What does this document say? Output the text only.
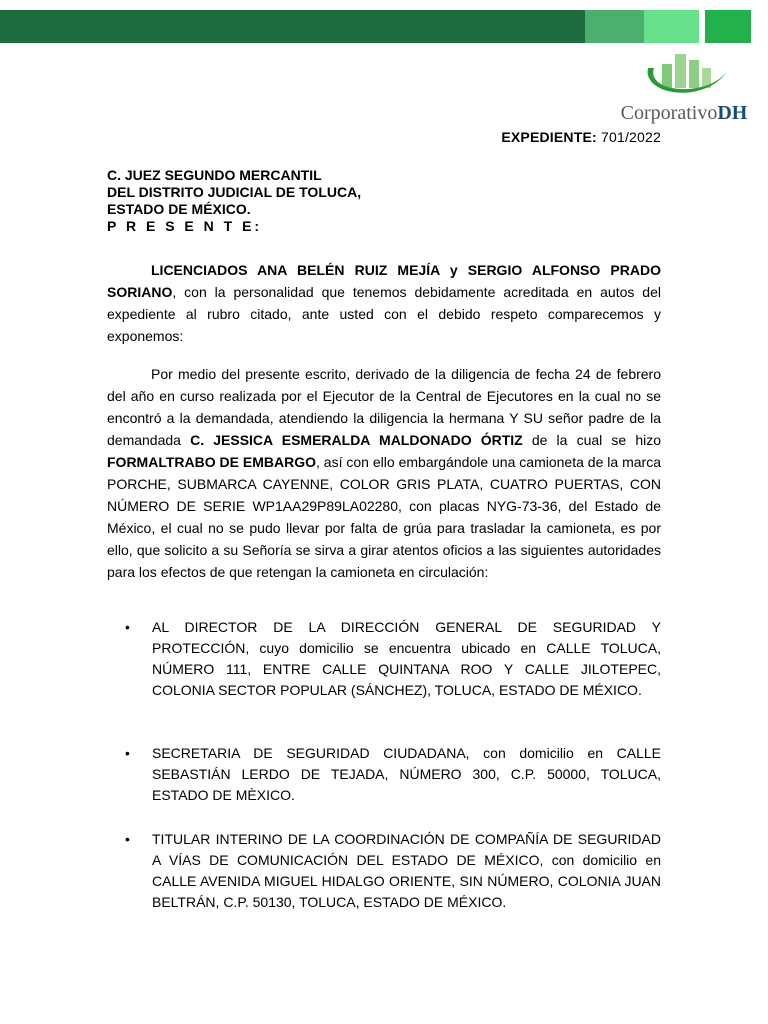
CorporativoDH
EXPEDIENTE: 701/2022
C. JUEZ SEGUNDO MERCANTIL
DEL DISTRITO JUDICIAL DE TOLUCA,
ESTADO DE MÉXICO.
P R E S E N T E:

LICENCIADOS ANA BELÉN RUIZ MEJÍA y SERGIO ALFONSO PRADO SORIANO, con la personalidad que tenemos debidamente acreditada en autos del expediente al rubro citado, ante usted con el debido respeto comparecemos y exponemos:

Por medio del presente escrito, derivado de la diligencia de fecha 24 de febrero del año en curso realizada por el Ejecutor de la Central de Ejecutores en la cual no se encontró a la demandada, atendiendo la diligencia la hermana Y SU señor padre de la demandada C. JESSICA ESMERALDA MALDONADO ÓRTIZ de la cual se hizo FORMALTRABO DE EMBARGO, así con ello embargándole una camioneta de la marca PORCHE, SUBMARCA CAYENNE, COLOR GRIS PLATA, CUATRO PUERTAS, CON NÚMERO DE SERIE WP1AA29P89LA02280, con placas NYG-73-36, del Estado de México, el cual no se pudo llevar por falta de grúa para trasladar la camioneta, es por ello, que solicito a su Señoría se sirva a girar atentos oficios a las siguientes autoridades para los efectos de que retengan la camioneta en circulación:

• AL DIRECTOR DE LA DIRECCIÓN GENERAL DE SEGURIDAD Y PROTECCIÓN, cuyo domicilio se encuentra ubicado en CALLE TOLUCA, NÚMERO 111, ENTRE CALLE QUINTANA ROO Y CALLE JILOTEPEC, COLONIA SECTOR POPULAR (SÁNCHEZ), TOLUCA, ESTADO DE MÉXICO.
• SECRETARIA DE SEGURIDAD CIUDADANA, con domicilio en CALLE SEBASTIÁN LERDO DE TEJADA, NÚMERO 300, C.P. 50000, TOLUCA, ESTADO DE MÈXICO.
• TITULAR INTERINO DE LA COORDINACIÓN DE COMPAÑÍA DE SEGURIDAD A VÍAS DE COMUNICACIÓN DEL ESTADO DE MÉXICO, con domicilio en CALLE AVENIDA MIGUEL HIDALGO ORIENTE, SIN NÚMERO, COLONIA JUAN BELTRÁN, C.P. 50130, TOLUCA, ESTADO DE MÉXICO.
